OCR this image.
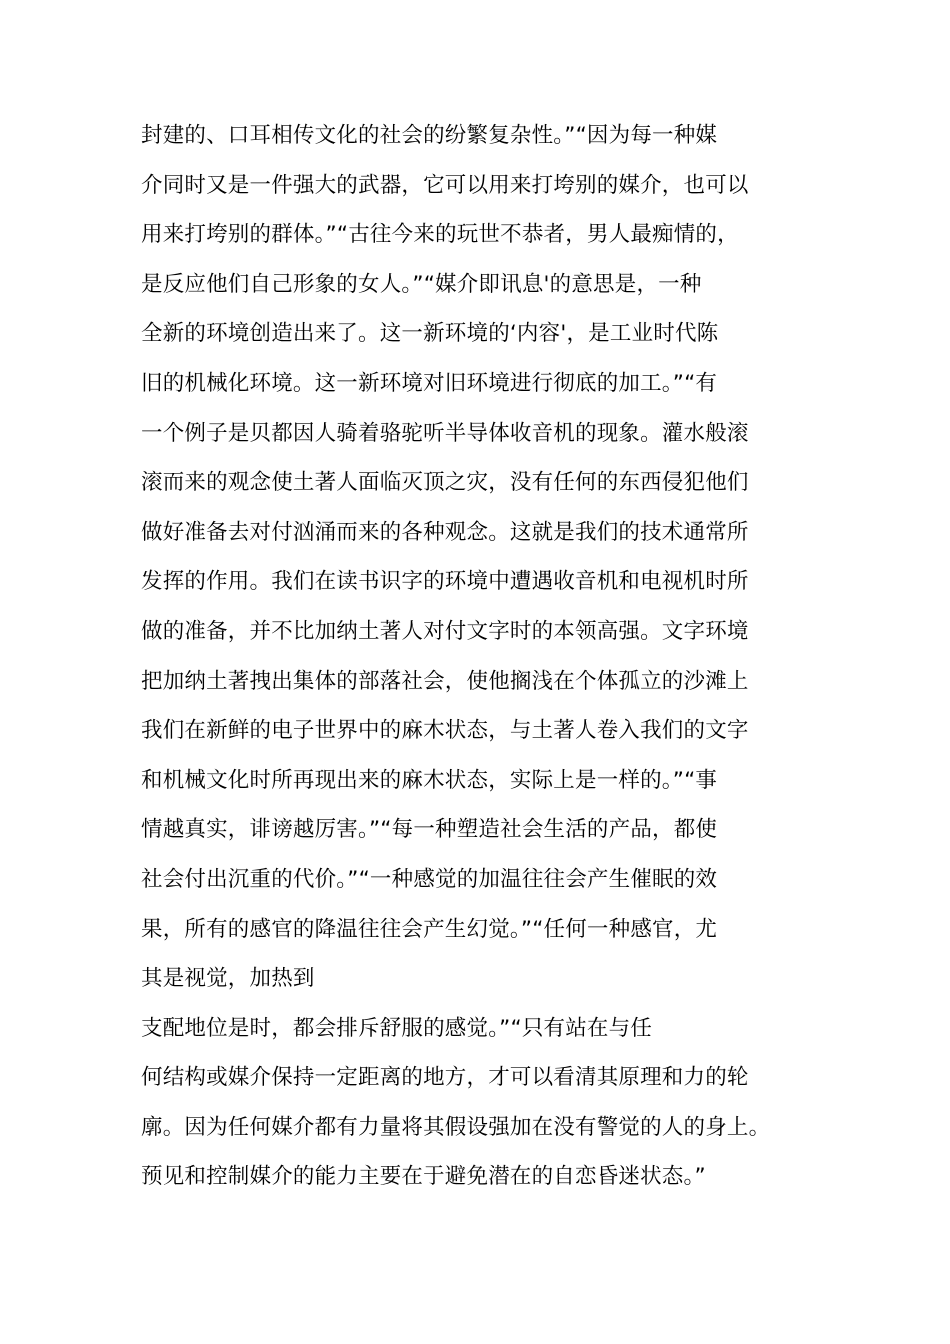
封建的、口耳相传文化的社会的纷繁复杂性。”“因为每一种媒
介同时又是一件强大的武器，它可以用来打垮别的媒介，也可以
用来打垮别的群体。”“古往今来的玩世不恭者，男人最痴情的，
是反应他们自己形象的女人。”“媒介即讯息'的意思是，一种
全新的环境创造出来了。这一新环境的‘内容'，是工业时代陈
旧的机械化环境。这一新环境对旧环境进行彻底的加工。”“有
一个例子是贝都因人骑着骆驼听半导体收音机的现象。灌水般滚
滚而来的观念使土著人面临灭顶之灾，没有任何的东西侵犯他们
做好准备去对付汹涌而来的各种观念。这就是我们的技术通常所
发挥的作用。我们在读书识字的环境中遭遇收音机和电视机时所
做的准备，并不比加纳土著人对付文字时的本领高强。文字环境
把加纳土著拽出集体的部落社会，使他搁浅在个体孤立的沙滩上
我们在新鲜的电子世界中的麻木状态，与土著人卷入我们的文字
和机械文化时所再现出来的麻木状态，实际上是一样的。”“事
情越真实，诽谤越厉害。”“每一种塑造社会生活的产品，都使
社会付出沉重的代价。”“一种感觉的加温往往会产生催眠的效
果，所有的感官的降温往往会产生幻觉。”“任何一种感官，尤
其是视觉，加热到
支配地位是时，都会排斥舒服的感觉。”“只有站在与任
何结构或媒介保持一定距离的地方，才可以看清其原理和力的轮
廓。因为任何媒介都有力量将其假设强加在没有警觉的人的身上。
预见和控制媒介的能力主要在于避免潜在的自恋昏迷状态。”
